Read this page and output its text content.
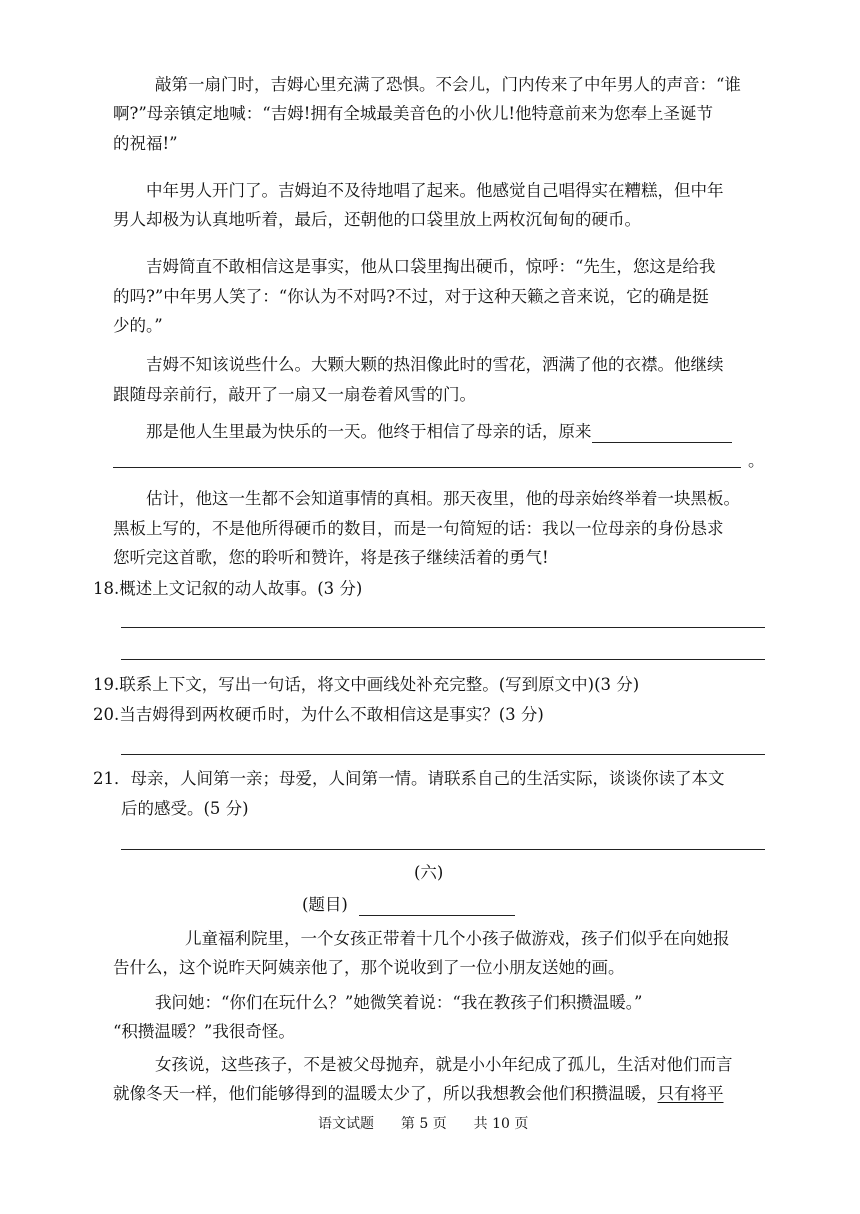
敲第一扇门时，吉姆心里充满了恐惧。不会儿，门内传来了中年男人的声音：“谁
啊?”母亲镇定地喊：“吉姆!拥有全城最美音色的小伙儿!他特意前来为您奉上圣诞节
的祝福!”
中年男人开门了。吉姆迫不及待地唱了起来。他感觉自己唱得实在糟糕，但中年
男人却极为认真地听着，最后，还朝他的口袋里放上两枚沉甸甸的硬币。
吉姆简直不敢相信这是事实，他从口袋里掏出硬币，惊呼：“先生，您这是给我
的吗?”中年男人笑了：“你认为不对吗?不过，对于这种天籁之音来说，它的确是挺
少的。”
吉姆不知该说些什么。大颗大颗的热泪像此时的雪花，洒满了他的衣襟。他继续
跟随母亲前行，敲开了一扇又一扇卷着风雪的门。
那是他人生里最为快乐的一天。他终于相信了母亲的话，原来
。
估计，他这一生都不会知道事情的真相。那天夜里，他的母亲始终举着一块黑板。
黑板上写的，不是他所得硬币的数目，而是一句简短的话：我以一位母亲的身份恳求
您听完这首歌，您的聆听和赞许，将是孩子继续活着的勇气!
18.概述上文记叙的动人故事。(3 分)
19.联系上下文，写出一句话，将文中画线处补充完整。(写到原文中)(3 分)
20.当吉姆得到两枚硬币时，为什么不敢相信这是事实？(3 分)
21．母亲，人间第一亲；母爱，人间第一情。请联系自己的生活实际，谈谈你读了本文
后的感受。(5 分)
(六)
(题目)
儿童福利院里，一个女孩正带着十几个小孩子做游戏，孩子们似乎在向她报
告什么，这个说昨天阿姨亲他了，那个说收到了一位小朋友送她的画。
我问她：“你们在玩什么？”她微笑着说：“我在教孩子们积攒温暖。”
“积攒温暖？”我很奇怪。
女孩说，这些孩子，不是被父母抛弃，就是小小年纪成了孤儿，生活对他们而言
就像冬天一样，他们能够得到的温暖太少了，所以我想教会他们积攒温暖，只有将平
语文试题 第 5 页 共 10 页
